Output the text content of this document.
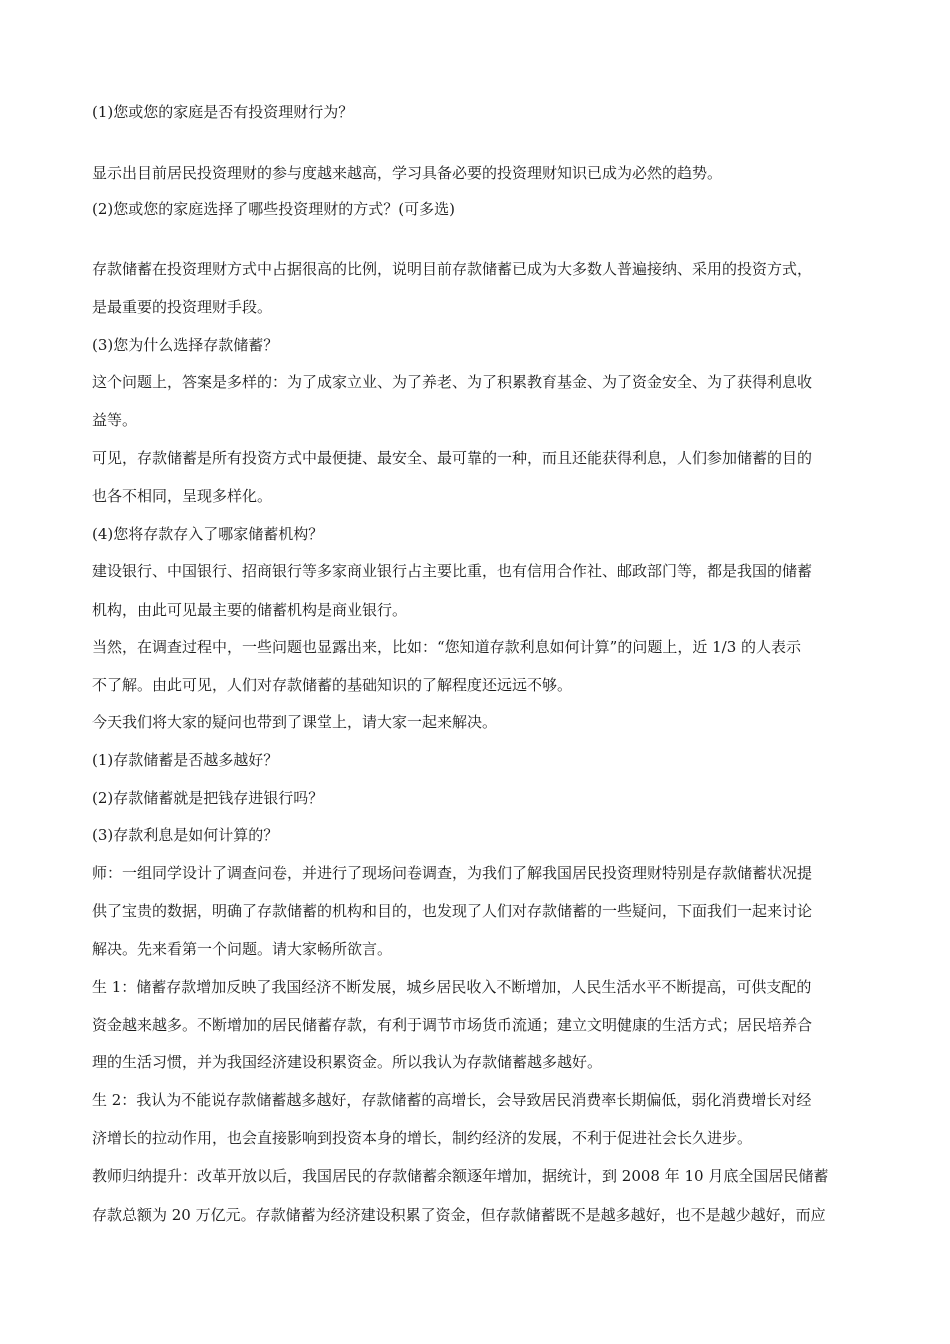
(1)您或您的家庭是否有投资理财行为？
显示出目前居民投资理财的参与度越来越高，学习具备必要的投资理财知识已成为必然的趋势。
(2)您或您的家庭选择了哪些投资理财的方式？(可多选)
存款储蓄在投资理财方式中占据很高的比例，说明目前存款储蓄已成为大多数人普遍接纳、采用的投资方式，
是最重要的投资理财手段。
(3)您为什么选择存款储蓄？
这个问题上，答案是多样的：为了成家立业、为了养老、为了积累教育基金、为了资金安全、为了获得利息收
益等。
可见，存款储蓄是所有投资方式中最便捷、最安全、最可靠的一种，而且还能获得利息，人们参加储蓄的目的
也各不相同，呈现多样化。
(4)您将存款存入了哪家储蓄机构？
建设银行、中国银行、招商银行等多家商业银行占主要比重，也有信用合作社、邮政部门等，都是我国的储蓄
机构，由此可见最主要的储蓄机构是商业银行。
当然，在调查过程中，一些问题也显露出来，比如：“您知道存款利息如何计算”的问题上，近 1/3 的人表示
不了解。由此可见，人们对存款储蓄的基础知识的了解程度还远远不够。
今天我们将大家的疑问也带到了课堂上，请大家一起来解决。
(1)存款储蓄是否越多越好？
(2)存款储蓄就是把钱存进银行吗？
(3)存款利息是如何计算的？
师：一组同学设计了调查问卷，并进行了现场问卷调查，为我们了解我国居民投资理财特别是存款储蓄状况提
供了宝贵的数据，明确了存款储蓄的机构和目的，也发现了人们对存款储蓄的一些疑问，下面我们一起来讨论
解决。先来看第一个问题。请大家畅所欲言。
生 1：储蓄存款增加反映了我国经济不断发展，城乡居民收入不断增加，人民生活水平不断提高，可供支配的
资金越来越多。不断增加的居民储蓄存款，有利于调节市场货币流通；建立文明健康的生活方式；居民培养合
理的生活习惯，并为我国经济建设积累资金。所以我认为存款储蓄越多越好。
生 2：我认为不能说存款储蓄越多越好，存款储蓄的高增长，会导致居民消费率长期偏低，弱化消费增长对经
济增长的拉动作用，也会直接影响到投资本身的增长，制约经济的发展，不利于促进社会长久进步。
教师归纳提升：改革开放以后，我国居民的存款储蓄余额逐年增加，据统计，到 2008 年 10 月底全国居民储蓄
存款总额为 20 万亿元。存款储蓄为经济建设积累了资金，但存款储蓄既不是越多越好，也不是越少越好，而应
